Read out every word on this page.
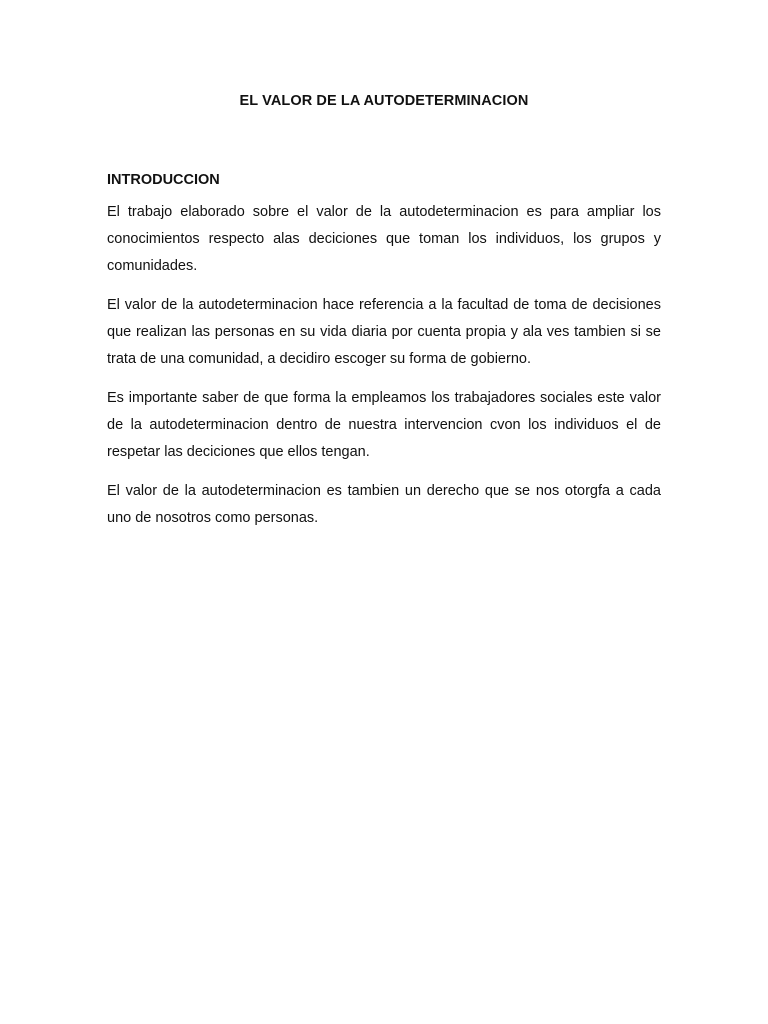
EL VALOR DE LA AUTODETERMINACION
INTRODUCCION

El trabajo elaborado sobre el valor de la autodeterminacion es para ampliar los conocimientos respecto alas deciciones que toman los individuos, los grupos y comunidades.

El valor de la autodeterminacion hace referencia a la facultad de toma de decisiones que realizan las personas en su vida diaria por cuenta propia y ala ves tambien si se trata de una comunidad, a decidiro escoger su forma de gobierno.

Es importante saber de que forma la empleamos los trabajadores sociales este valor de la autodeterminacion dentro de nuestra intervencion cvon los individuos el de respetar las deciciones que ellos tengan.

El valor de la autodeterminacion es tambien un derecho que se nos otorgfa a cada uno de nosotros como personas.
